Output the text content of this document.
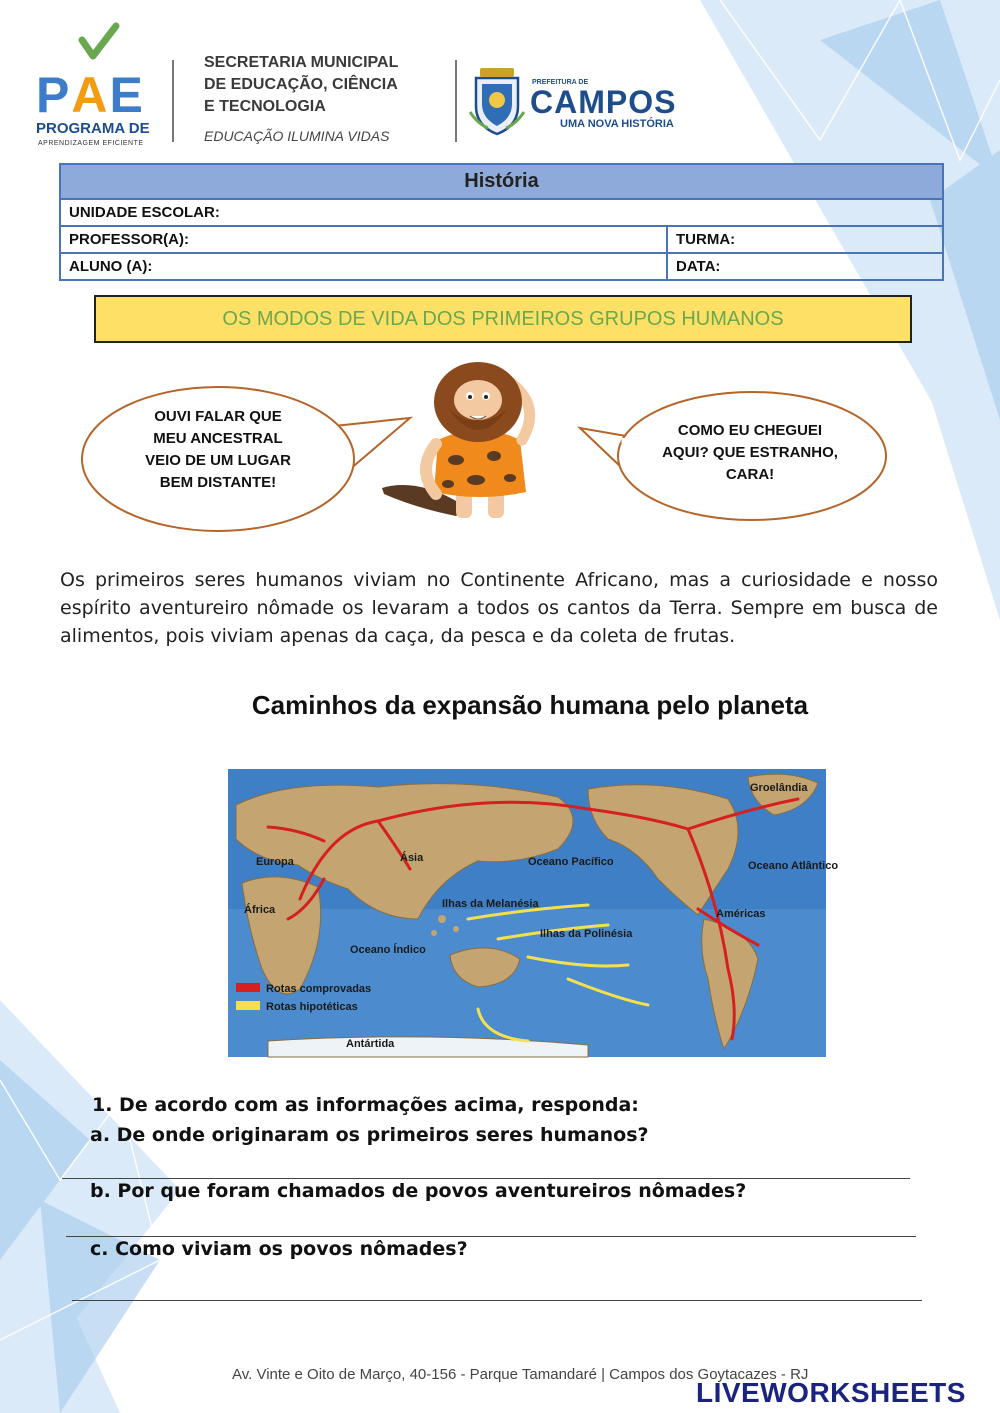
PAE
PROGRAMA DE
APRENDIZAGEM EFICIENTE
SECRETARIA MUNICIPAL
DE EDUCAÇÃO, CIÊNCIA
E TECNOLOGIA
EDUCAÇÃO ILUMINA VIDAS
PREFEITURA DE
CAMPOS
UMA NOVA HISTÓRIA
História
UNIDADE ESCOLAR:
PROFESSOR(A):	TURMA:
ALUNO (A):	DATA:
OS MODOS DE VIDA DOS PRIMEIROS GRUPOS HUMANOS
OUVI FALAR QUE MEU ANCESTRAL VEIO DE UM LUGAR BEM DISTANTE!
COMO EU CHEGUEI AQUI? QUE ESTRANHO, CARA!
Os primeiros seres humanos viviam no Continente Africano, mas a curiosidade e nosso espírito aventureiro nômade os levaram a todos os cantos da Terra. Sempre em busca de alimentos, pois viviam apenas da caça, da pesca e da coleta de frutas.
Caminhos da expansão humana pelo planeta
Groelândia
Europa	Ásia
África
Oceano Pacífico	Oceano Atlântico
Ilhas da Melanésia
Ilhas da Polinésia
Oceano Índico
Américas
Antártida
Rotas comprovadas
Rotas hipotéticas
1. De acordo com as informações acima, responda:
a. De onde originaram os primeiros seres humanos?
b. Por que foram chamados de povos aventureiros nômades?
c. Como viviam os povos nômades?
Av. Vinte e Oito de Março, 40-156 - Parque Tamandaré | Campos dos Goytacazes - RJ
LIVEWORKSHEETS
